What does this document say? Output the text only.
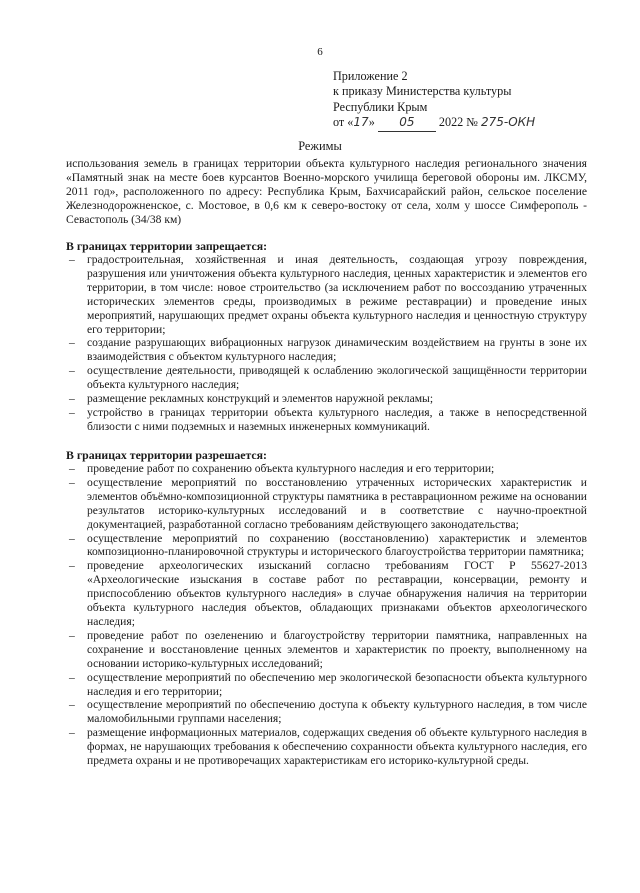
6
Приложение 2
к приказу Министерства культуры
Республики Крым
от «17» 05 2022 № 275-ОКН
Режимы
использования земель в границах территории объекта культурного наследия регионального значения «Памятный знак на месте боев курсантов Военно-морского училища береговой обороны им. ЛКСМУ, 2011 год», расположенного по адресу: Республика Крым, Бахчисарайский район, сельское поселение Железнодорожненское, с. Мостовое, в 0,6 км к северо-востоку от села, холм у шоссе Симферополь - Севастополь (34/38 км)
В границах территории запрещается:
– градостроительная, хозяйственная и иная деятельность, создающая угрозу повреждения, разрушения или уничтожения объекта культурного наследия, ценных характеристик и элементов его территории, в том числе: новое строительство (за исключением работ по воссозданию утраченных исторических элементов среды, производимых в режиме реставрации) и проведение иных мероприятий, нарушающих предмет охраны объекта культурного наследия и ценностную структуру его территории;
– создание разрушающих вибрационных нагрузок динамическим воздействием на грунты в зоне их взаимодействия с объектом культурного наследия;
– осуществление деятельности, приводящей к ослаблению экологической защищённости территории объекта культурного наследия;
– размещение рекламных конструкций и элементов наружной рекламы;
– устройство в границах территории объекта культурного наследия, а также в непосредственной близости с ними подземных и наземных инженерных коммуникаций.
В границах территории разрешается:
– проведение работ по сохранению объекта культурного наследия и его территории;
– осуществление мероприятий по восстановлению утраченных исторических характеристик и элементов объёмно-композиционной структуры памятника в реставрационном режиме на основании результатов историко-культурных исследований и в соответствие с научно-проектной документацией, разработанной согласно требованиям действующего законодательства;
– осуществление мероприятий по сохранению (восстановлению) характеристик и элементов композиционно-планировочной структуры и исторического благоустройства территории памятника;
– проведение археологических изысканий согласно требованиям ГОСТ Р 55627-2013 «Археологические изыскания в составе работ по реставрации, консервации, ремонту и приспособлению объектов культурного наследия» в случае обнаружения наличия на территории объекта культурного наследия объектов, обладающих признаками объектов археологического наследия;
– проведение работ по озеленению и благоустройству территории памятника, направленных на сохранение и восстановление ценных элементов и характеристик по проекту, выполненному на основании историко-культурных исследований;
– осуществление мероприятий по обеспечению мер экологической безопасности объекта культурного наследия и его территории;
– осуществление мероприятий по обеспечению доступа к объекту культурного наследия, в том числе маломобильными группами населения;
– размещение информационных материалов, содержащих сведения об объекте культурного наследия в формах, не нарушающих требования к обеспечению сохранности объекта культурного наследия, его предмета охраны и не противоречащих характеристикам его историко-культурной среды.
